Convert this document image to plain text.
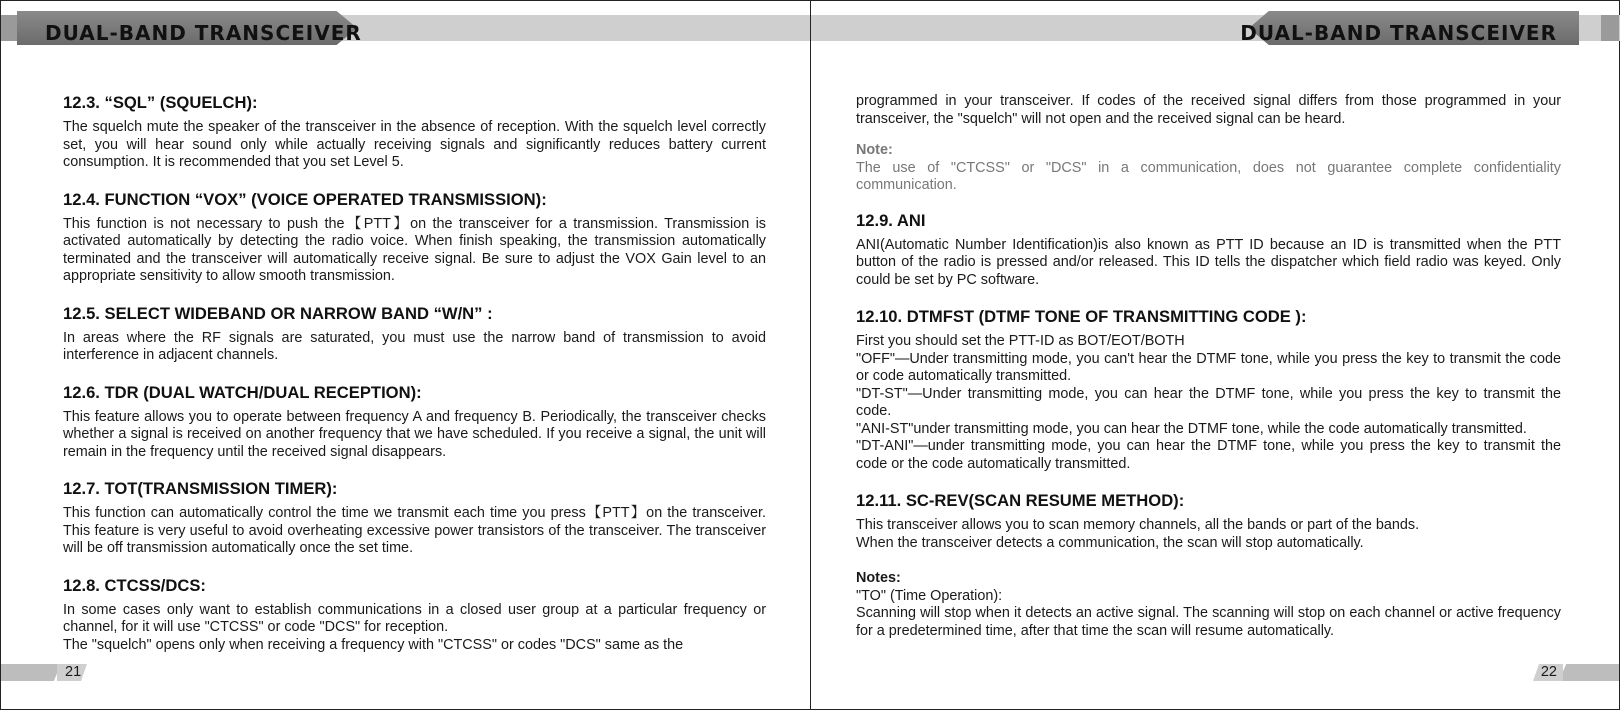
DUAL-BAND TRANSCEIVER
12.3. “SQL” (SQUELCH):

The squelch mute the speaker of the transceiver in the absence of reception. With the squelch level correctly set, you will hear sound only while actually receiving signals and significantly reduces battery current consumption. It is recommended that you set Level 5.

12.4. FUNCTION “VOX” (VOICE OPERATED TRANSMISSION):

This function is not necessary to push the【PTT】on the transceiver for a transmission. Transmission is activated automatically by detecting the radio voice. When finish speaking, the transmission automatically terminated and the transceiver will automatically receive signal. Be sure to adjust the VOX Gain level to an appropriate sensitivity to allow smooth transmission.

12.5. SELECT WIDEBAND OR NARROW BAND “W/N” :

In areas where the RF signals are saturated, you must use the narrow band of transmission to avoid interference in adjacent channels.

12.6. TDR (DUAL WATCH/DUAL RECEPTION):

This feature allows you to operate between frequency A and frequency B. Periodically, the transceiver checks whether a signal is received on another frequency that we have scheduled. If you receive a signal, the unit will remain in the frequency until the received signal disappears.

12.7. TOT(TRANSMISSION TIMER):

This function can automatically control the time we transmit each time you press【PTT】on the transceiver. This feature is very useful to avoid overheating excessive power transistors of the transceiver. The transceiver will be off transmission automatically once the set time.

12.8. CTCSS/DCS:

In some cases only want to establish communications in a closed user group at a particular frequency or channel, for it will use "CTCSS" or code "DCS" for reception.

The "squelch" opens only when receiving a frequency with "CTCSS" or codes "DCS" same as the

21
DUAL-BAND TRANSCEIVER

programmed in your transceiver. If codes of the received signal differs from those programmed in your transceiver, the "squelch" will not open and the received signal can be heard.

Note:

The use of "CTCSS" or "DCS" in a communication, does not guarantee complete confidentiality communication.

12.9. ANI

ANI(Automatic Number Identification)is also known as PTT ID because an ID is transmitted when the PTT button of the radio is pressed and/or released. This ID tells the dispatcher which field radio was keyed. Only could be set by PC software.

12.10. DTMFST (DTMF TONE OF TRANSMITTING CODE ):

First you should set the PTT-ID as BOT/EOT/BOTH

"OFF"—Under transmitting mode, you can't hear the DTMF tone, while you press the key to transmit the code or code automatically transmitted.

"DT-ST"—Under transmitting mode, you can hear the DTMF tone, while you press the key to transmit the code.

"ANI-ST"under transmitting mode, you can hear the DTMF tone, while the code automatically transmitted.

"DT-ANI"—under transmitting mode, you can hear the DTMF tone, while you press the key to transmit the code or the code automatically transmitted.

12.11. SC-REV(SCAN RESUME METHOD):

This transceiver allows you to scan memory channels, all the bands or part of the bands.

When the transceiver detects a communication, the scan will stop automatically.

Notes:

"TO" (Time Operation):

Scanning will stop when it detects an active signal. The scanning will stop on each channel or active frequency for a predetermined time, after that time the scan will resume automatically.

22
